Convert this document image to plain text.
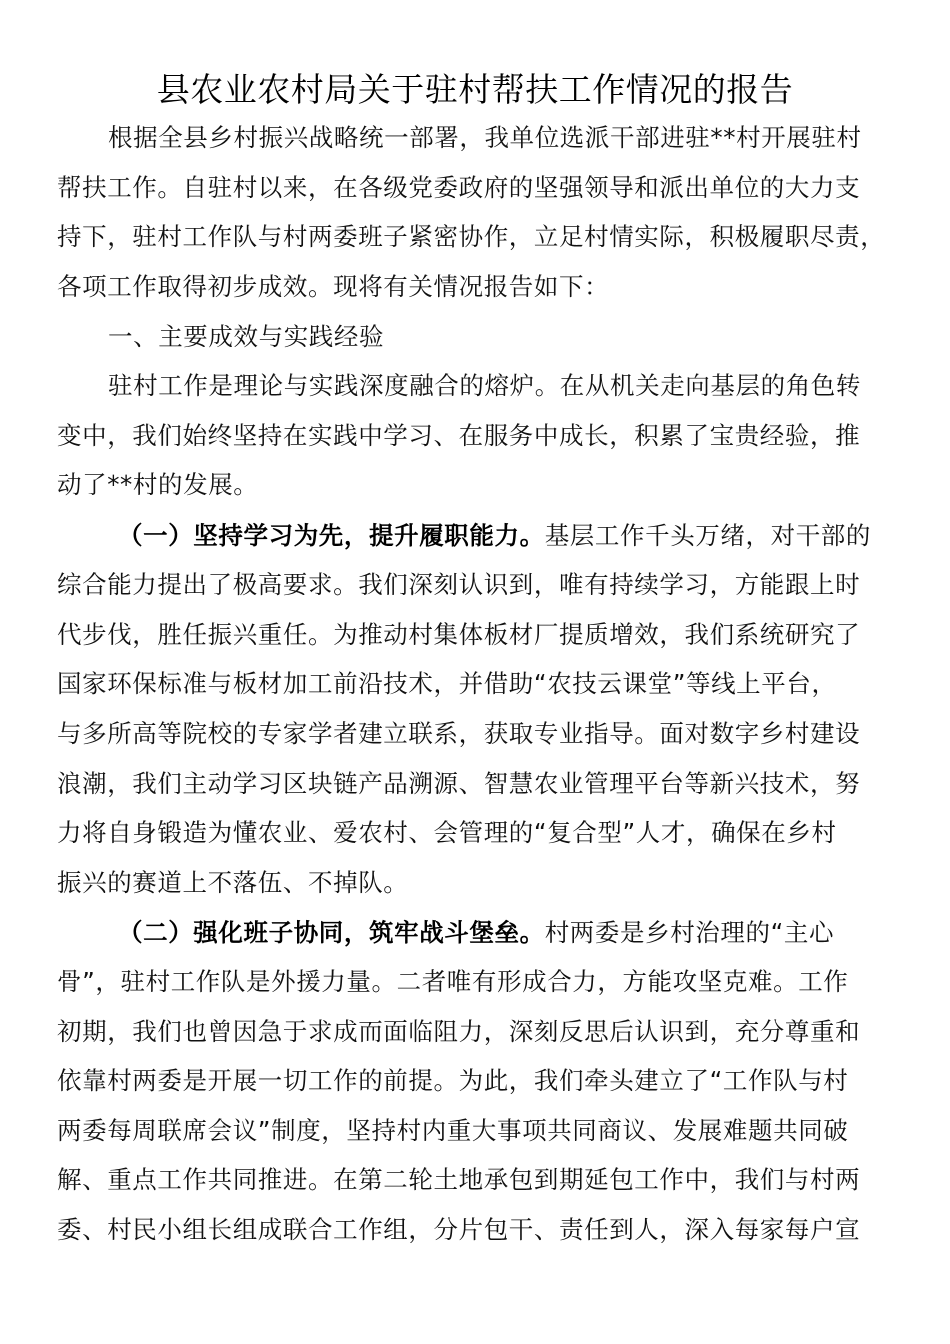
县农业农村局关于驻村帮扶工作情况的报告
根据全县乡村振兴战略统一部署，我单位选派干部进驻**村开展驻村
帮扶工作。自驻村以来，在各级党委政府的坚强领导和派出单位的大力支
持下，驻村工作队与村两委班子紧密协作，立足村情实际，积极履职尽责，
各项工作取得初步成效。现将有关情况报告如下：
一、主要成效与实践经验
驻村工作是理论与实践深度融合的熔炉。在从机关走向基层的角色转
变中，我们始终坚持在实践中学习、在服务中成长，积累了宝贵经验，推
动了**村的发展。
（一）坚持学习为先，提升履职能力。基层工作千头万绪，对干部的
综合能力提出了极高要求。我们深刻认识到，唯有持续学习，方能跟上时
代步伐，胜任振兴重任。为推动村集体板材厂提质增效，我们系统研究了
国家环保标准与板材加工前沿技术，并借助“农技云课堂”等线上平台，
与多所高等院校的专家学者建立联系，获取专业指导。面对数字乡村建设
浪潮，我们主动学习区块链产品溯源、智慧农业管理平台等新兴技术，努
力将自身锻造为懂农业、爱农村、会管理的“复合型”人才，确保在乡村
振兴的赛道上不落伍、不掉队。
（二）强化班子协同，筑牢战斗堡垒。村两委是乡村治理的“主心
骨”，驻村工作队是外援力量。二者唯有形成合力，方能攻坚克难。工作
初期，我们也曾因急于求成而面临阻力，深刻反思后认识到，充分尊重和
依靠村两委是开展一切工作的前提。为此，我们牵头建立了“工作队与村
两委每周联席会议”制度，坚持村内重大事项共同商议、发展难题共同破
解、重点工作共同推进。在第二轮土地承包到期延包工作中，我们与村两
委、村民小组长组成联合工作组，分片包干、责任到人，深入每家每户宣
